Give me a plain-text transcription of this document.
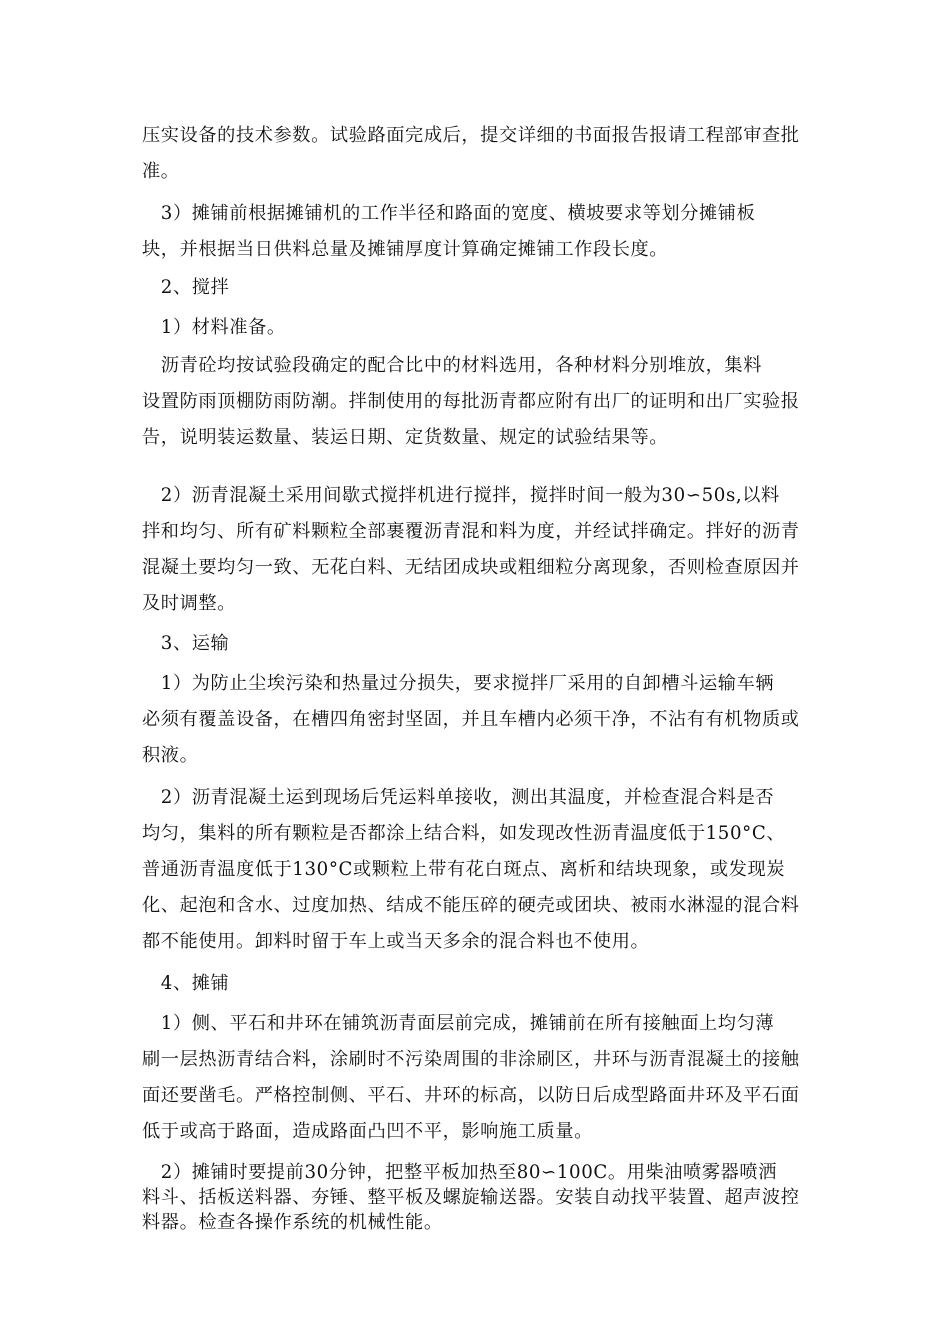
压实设备的技术参数。试验路面完成后，提交详细的书面报告报请工程部审查批
准。

　3）摊铺前根据摊铺机的工作半径和路面的宽度、横坡要求等划分摊铺板
块，并根据当日供料总量及摊铺厚度计算确定摊铺工作段长度。

　2、搅拌

　1）材料准备。

　沥青砼均按试验段确定的配合比中的材料选用，各种材料分别堆放，集料
设置防雨顶棚防雨防潮。拌制使用的每批沥青都应附有出厂的证明和出厂实验报
告，说明装运数量、装运日期、定货数量、规定的试验结果等。

　2）沥青混凝土采用间歇式搅拌机进行搅拌，搅拌时间一般为30∽50s,以料
拌和均匀、所有矿料颗粒全部裹覆沥青混和料为度，并经试拌确定。拌好的沥青
混凝土要均匀一致、无花白料、无结团成块或粗细粒分离现象，否则检查原因并
及时调整。

　3、运输

　1）为防止尘埃污染和热量过分损失，要求搅拌厂采用的自卸槽斗运输车辆
必须有覆盖设备，在槽四角密封坚固，并且车槽内必须干净，不沾有有机物质或
积液。

　2）沥青混凝土运到现场后凭运料单接收，测出其温度，并检查混合料是否
均匀，集料的所有颗粒是否都涂上结合料，如发现改性沥青温度低于150°C、
普通沥青温度低于130°C或颗粒上带有花白斑点、离析和结块现象，或发现炭
化、起泡和含水、过度加热、结成不能压碎的硬壳或团块、被雨水淋湿的混合料
都不能使用。卸料时留于车上或当天多余的混合料也不使用。

　4、摊铺

　1）侧、平石和井环在铺筑沥青面层前完成，摊铺前在所有接触面上均匀薄
刷一层热沥青结合料，涂刷时不污染周围的非涂刷区，井环与沥青混凝土的接触
面还要凿毛。严格控制侧、平石、井环的标高，以防日后成型路面井环及平石面
低于或高于路面，造成路面凸凹不平，影响施工质量。

　2）摊铺时要提前30分钟，把整平板加热至80∽100C。用柴油喷雾器喷洒
料斗、括板送料器、夯锤、整平板及螺旋输送器。安装自动找平装置、超声波控
料器。检查各操作系统的机械性能。
